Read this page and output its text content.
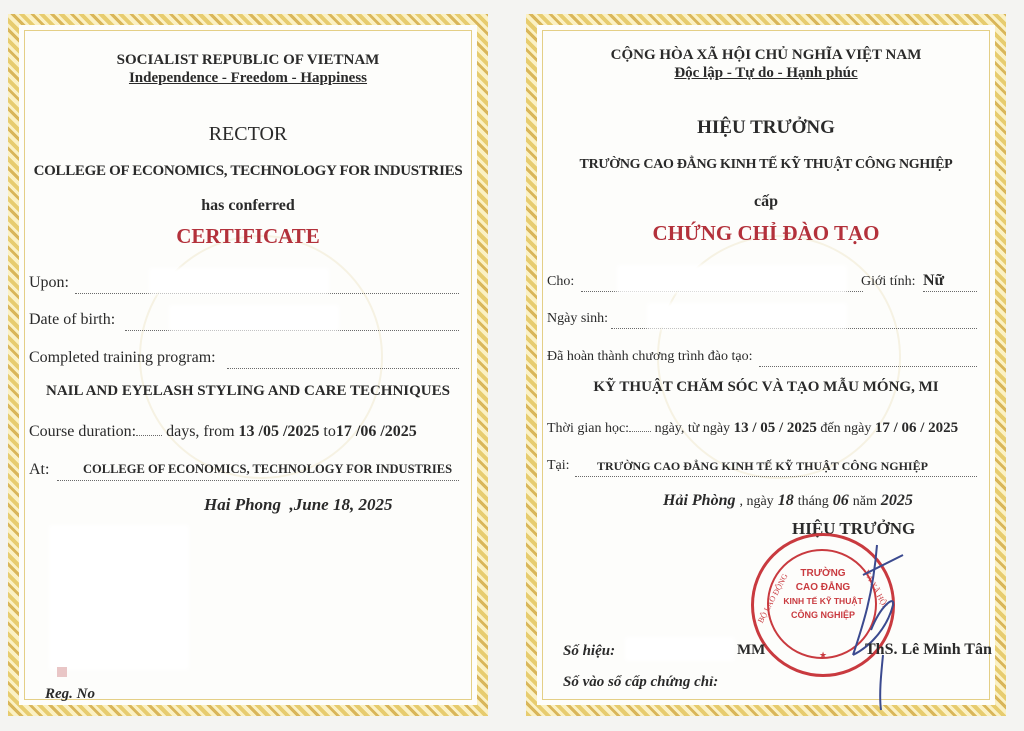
SOCIALIST REPUBLIC OF VIETNAM
Independence - Freedom - Happiness
RECTOR
COLLEGE OF ECONOMICS, TECHNOLOGY FOR INDUSTRIES
has conferred
CERTIFICATE
Upon:
Date of birth:
Completed training program:
NAIL AND EYELASH STYLING AND CARE TECHNIQUES
Course duration: days, from 13 /05 /2025 to17 /06 /2025
At:	COLLEGE OF ECONOMICS, TECHNOLOGY FOR INDUSTRIES
Hai Phong ,June 18, 2025
Reg. No
CỘNG HÒA XÃ HỘI CHỦ NGHĨA VIỆT NAM
Độc lập - Tự do - Hạnh phúc
HIỆU TRƯỞNG
TRƯỜNG CAO ĐẲNG KINH TẾ KỸ THUẬT CÔNG NGHIỆP
cấp
CHỨNG CHỈ ĐÀO TẠO
Cho:	Giới tính: Nữ
Ngày sinh:
Đã hoàn thành chương trình đào tạo:
KỸ THUẬT CHĂM SÓC VÀ TẠO MẪU MÓNG, MI
Thời gian học: ngày, từ ngày 13 / 05 / 2025 đến ngày 17 / 06 / 2025
Tại: TRƯỜNG CAO ĐẲNG KINH TẾ KỸ THUẬT CÔNG NGHIỆP
Hải Phòng , ngày 18 tháng 06 năm 2025
HIỆU TRƯỞNG
BỘ LAO ĐỘNG	VÀ XÃ HỘI
TRƯỜNG
CAO ĐẲNG
KINH TẾ KỸ THUẬT
CÔNG NGHIỆP
★
Số hiệu:	MM	ThS. Lê Minh Tân
Số vào sổ cấp chứng chỉ:
